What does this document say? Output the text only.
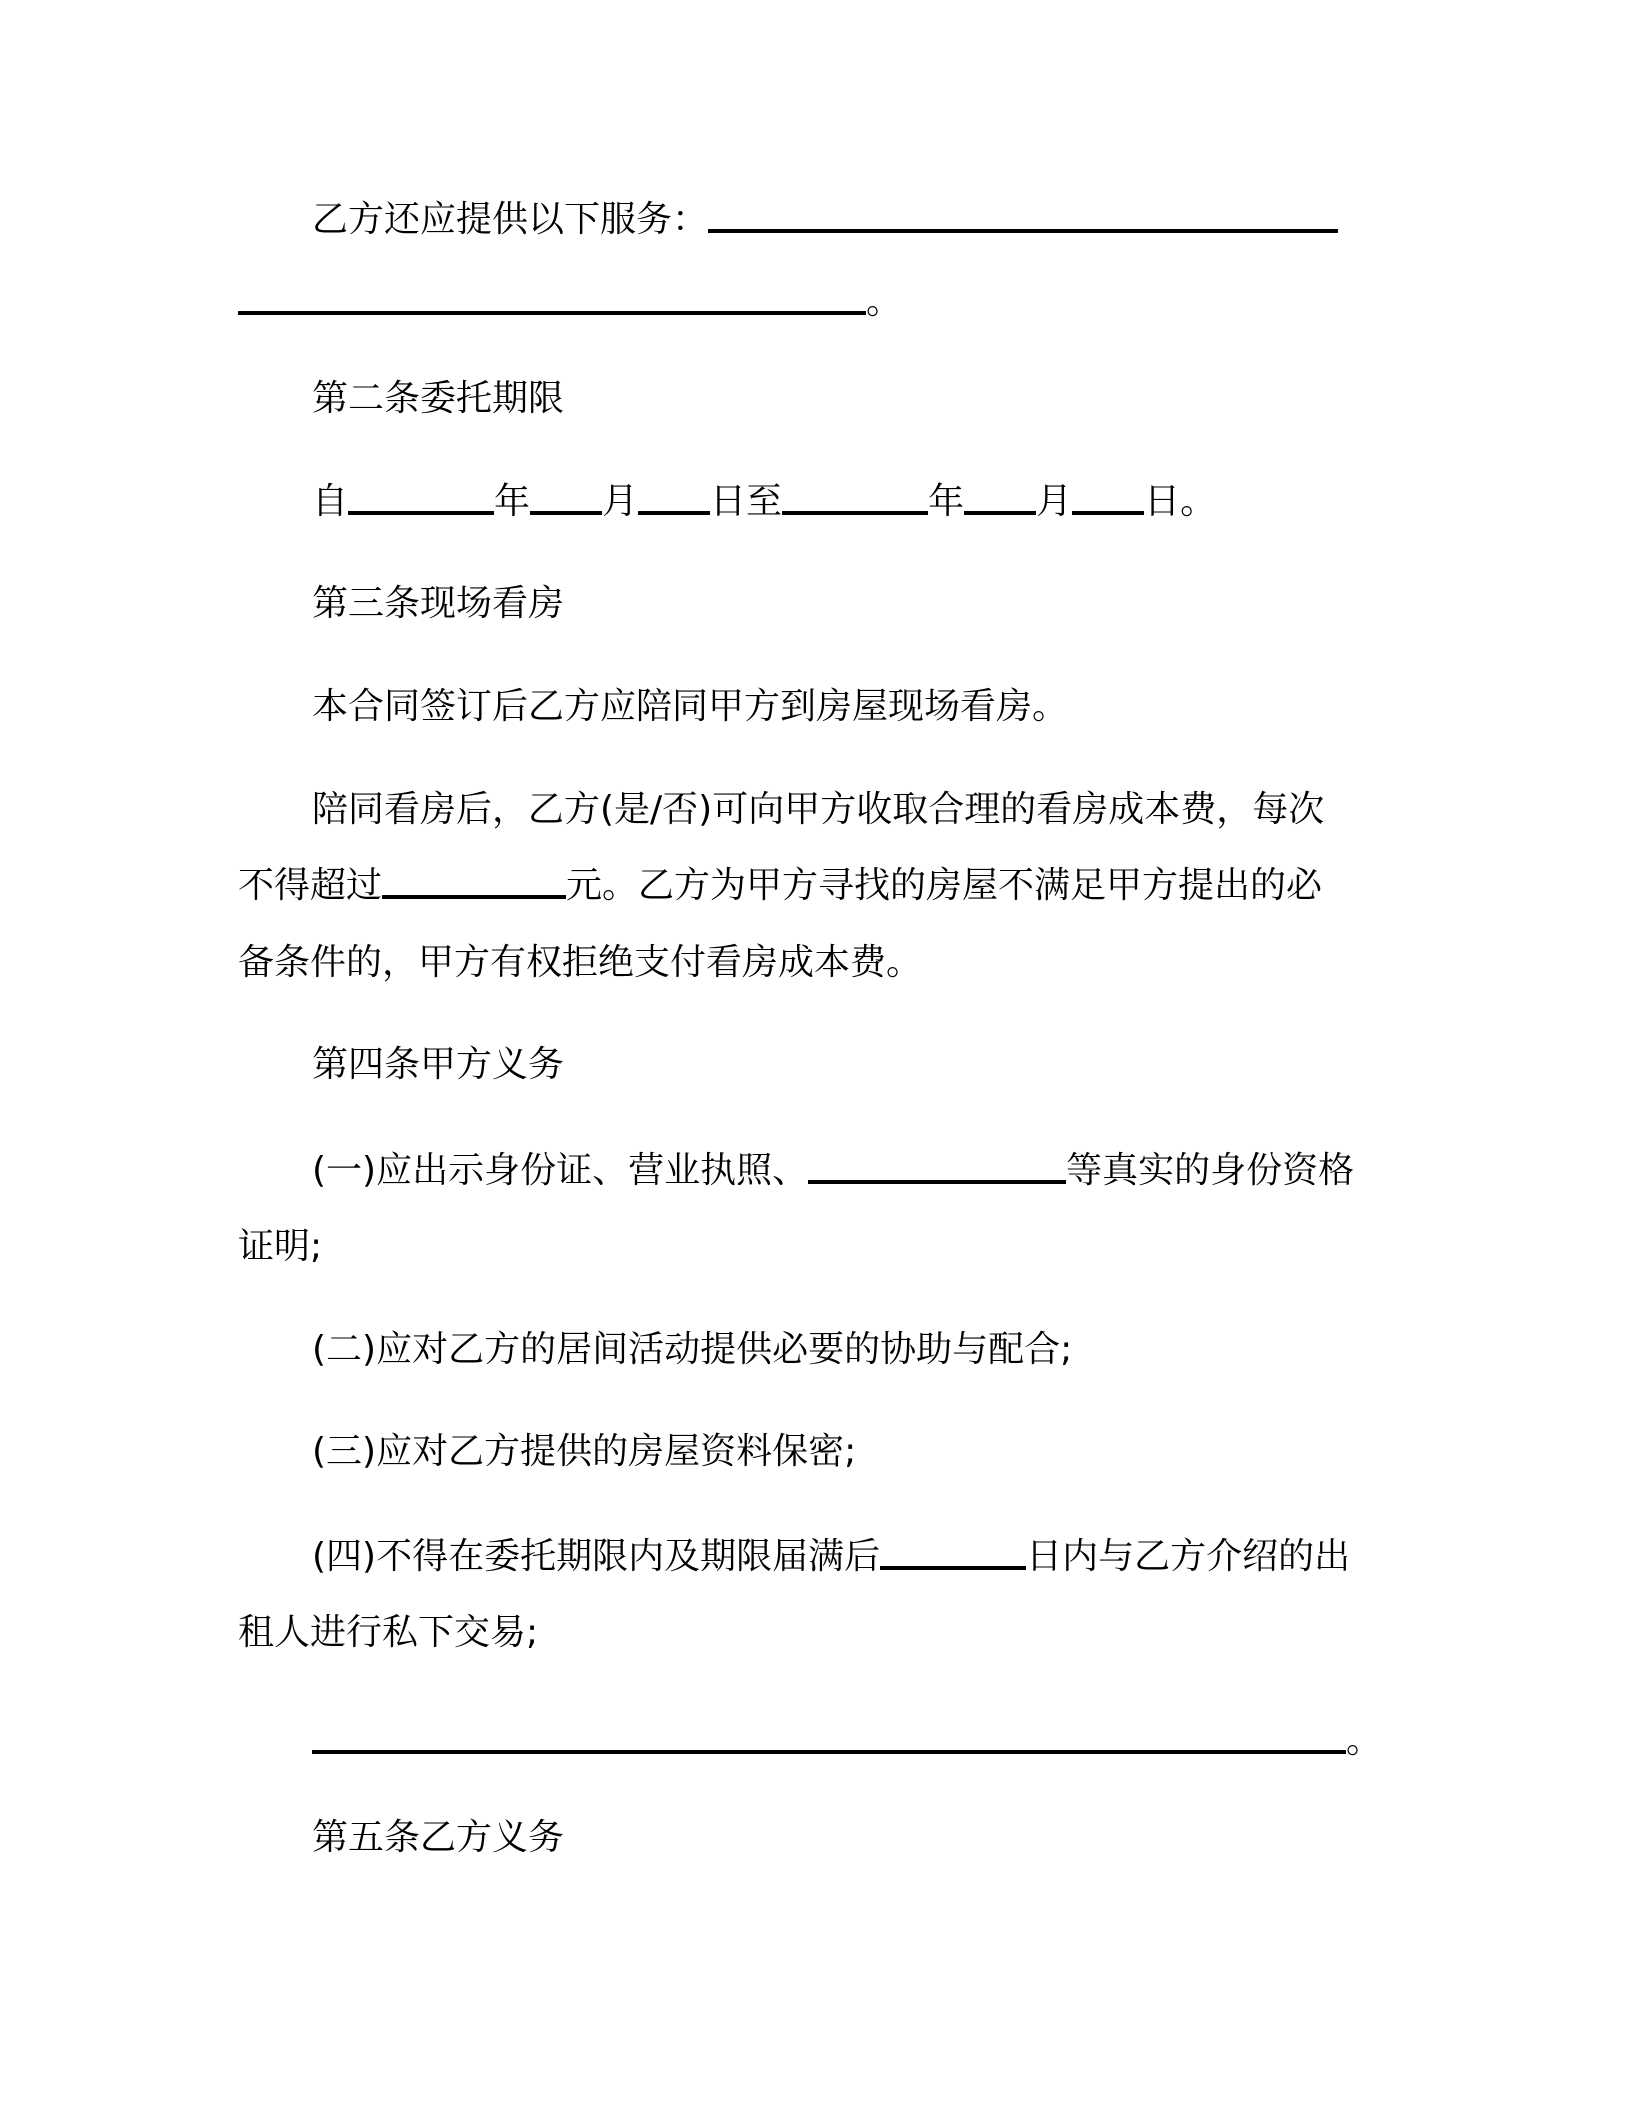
乙方还应提供以下服务：
。
第二条委托期限
自	年 月 日至	年 月 日。
第三条现场看房
本合同签订后乙方应陪同甲方到房屋现场看房。
陪同看房后，乙方(是/否)可向甲方收取合理的看房成本费，每次
不得超过	元。乙方为甲方寻找的房屋不满足甲方提出的必
备条件的，甲方有权拒绝支付看房成本费。
第四条甲方义务
(一)应出示身份证、营业执照、	等真实的身份资格
证明;
(二)应对乙方的居间活动提供必要的协助与配合;
(三)应对乙方提供的房屋资料保密;
(四)不得在委托期限内及期限届满后	日内与乙方介绍的出
租人进行私下交易;
。
第五条乙方义务
